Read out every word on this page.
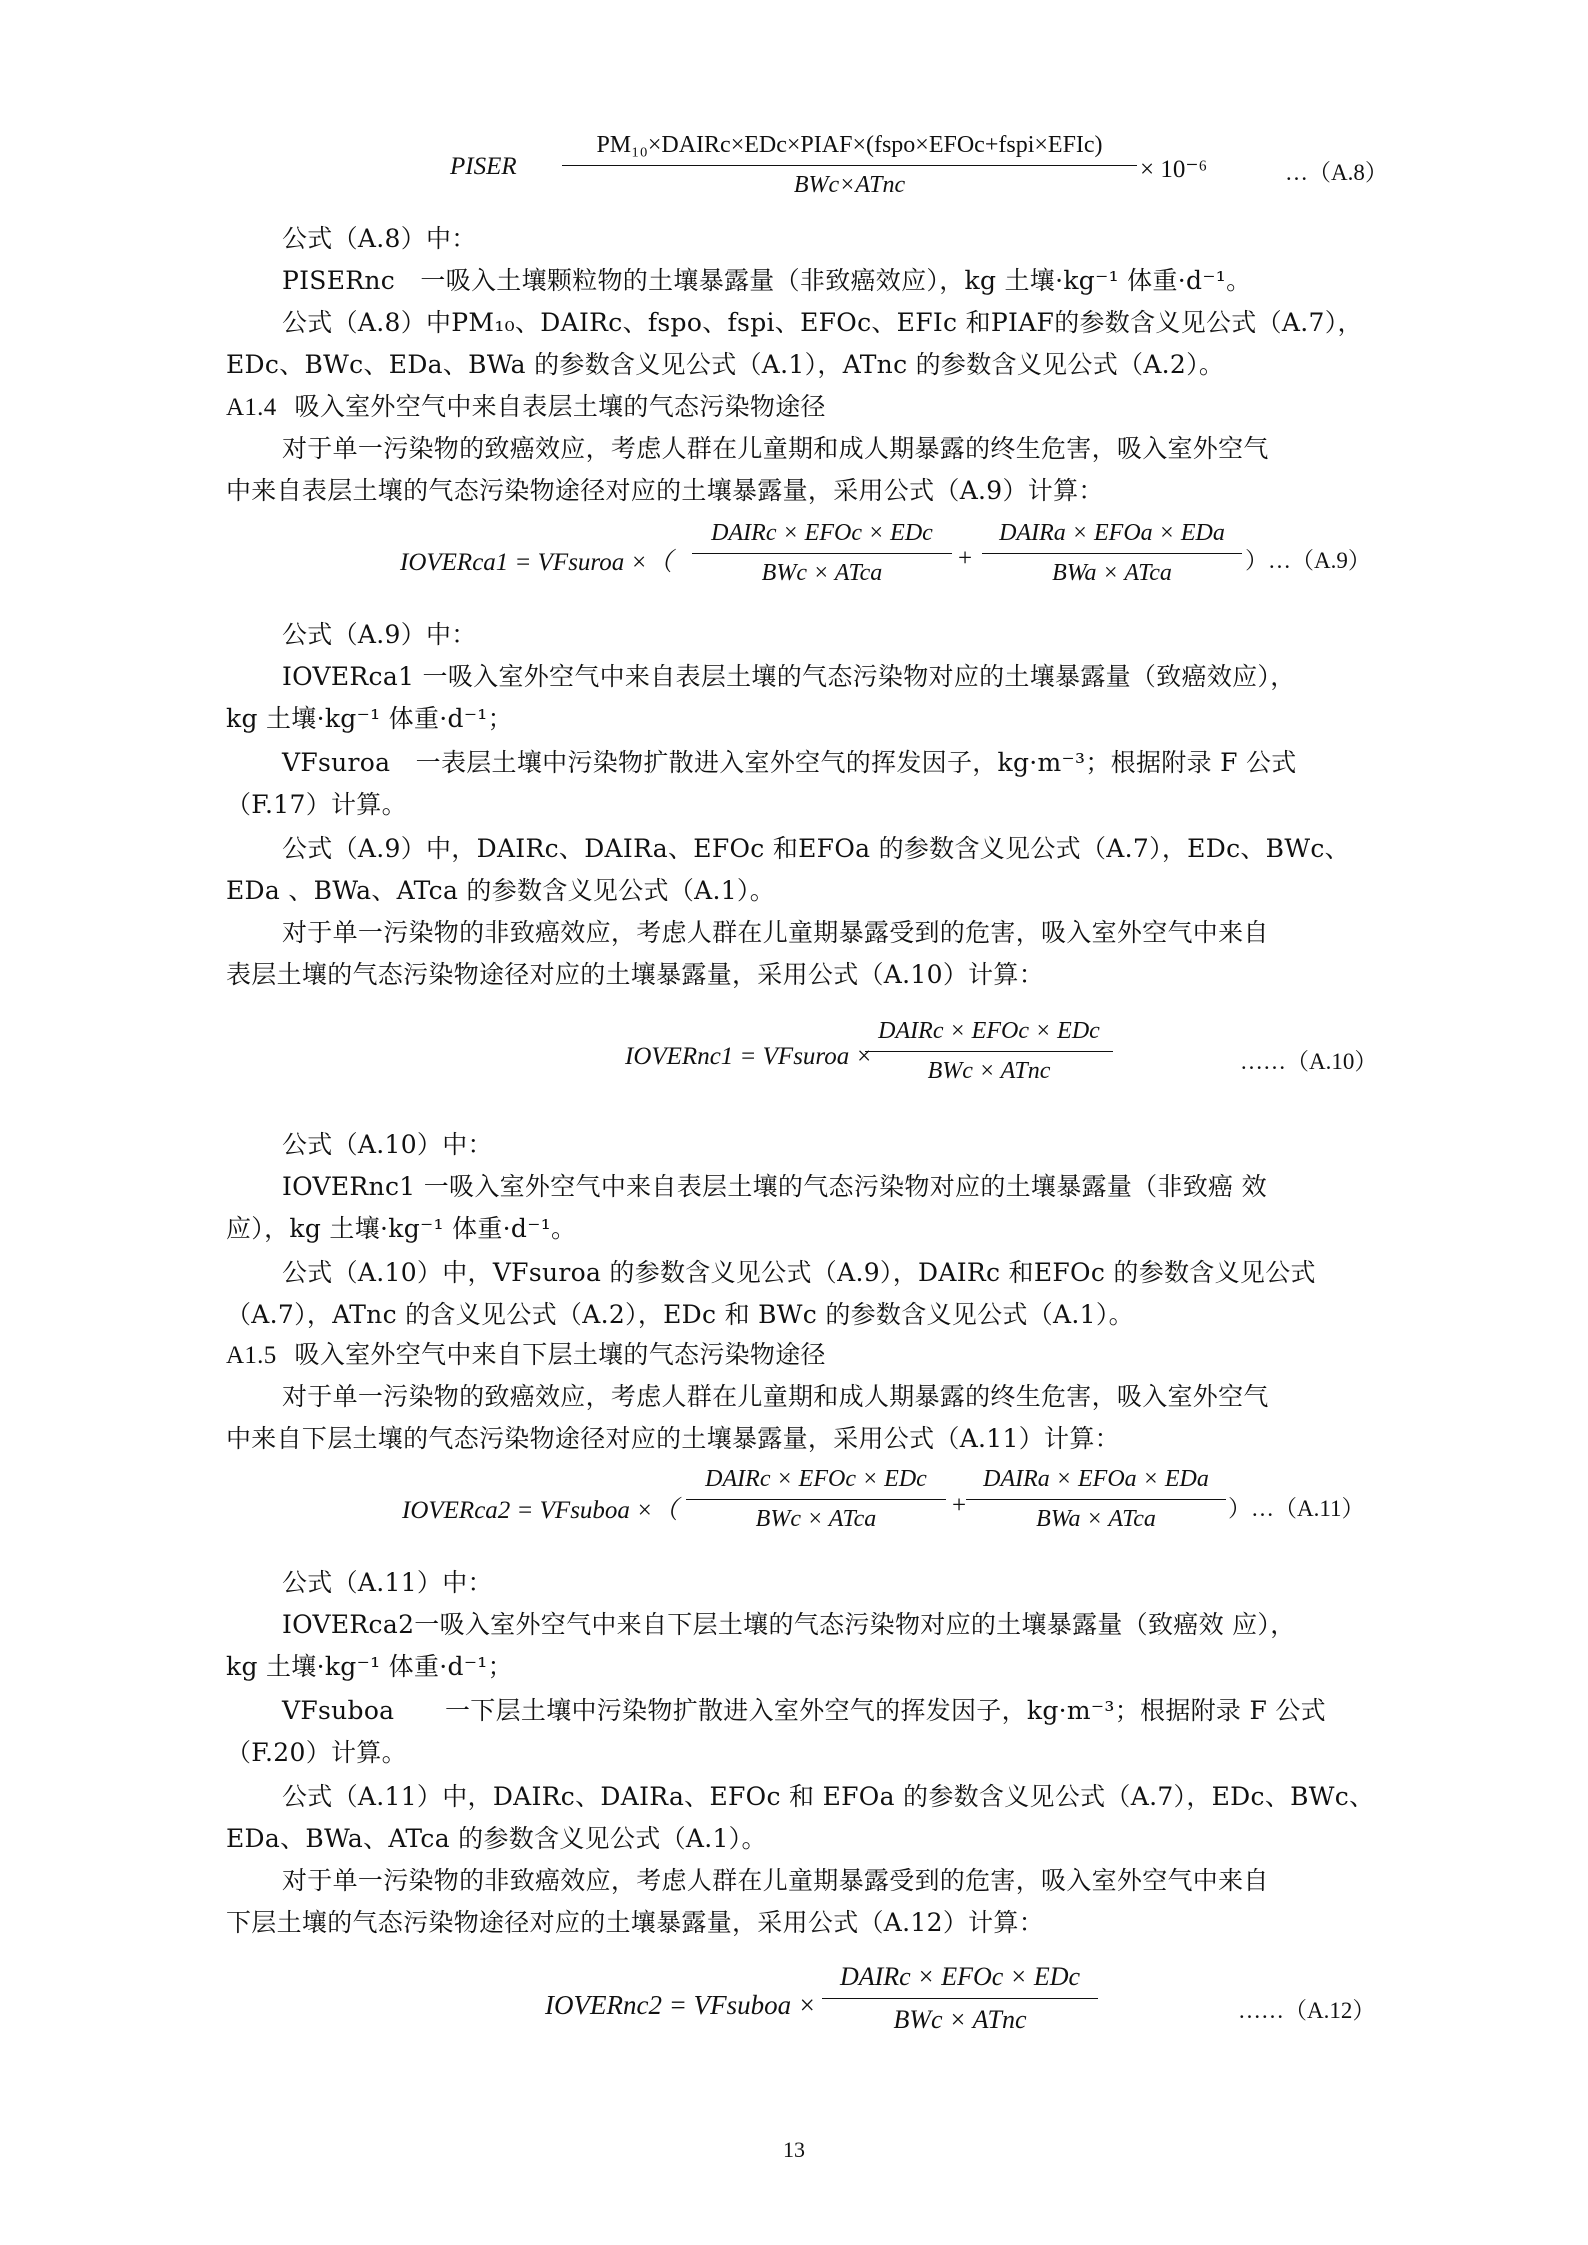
PISER
PM₁₀×DAIRc×EDc×PIAF×(fspo×EFOc+fspi×EFIc)
BWc×ATnc
× 10⁻⁶	…（A.8）
公式（A.8）中：
PISERnc　一吸入土壤颗粒物的土壤暴露量（非致癌效应），kg 土壤·kg⁻¹ 体重·d⁻¹。
公式（A.8）中PM₁₀、DAIRc、fspo、fspi、EFOc、EFIc 和PIAF的参数含义见公式（A.7），
EDc、BWc、EDa、BWa 的参数含义见公式（A.1），ATnc 的参数含义见公式（A.2）。
A1.4 吸入室外空气中来自表层土壤的气态污染物途径
对于单一污染物的致癌效应，考虑人群在儿童期和成人期暴露的终生危害，吸入室外空气
中来自表层土壤的气态污染物途径对应的土壤暴露量，采用公式（A.9）计算：
IOVERca1 = VFsuroa ×（
DAIRc × EFOc × EDc
BWc × ATca
+
DAIRa × EFOa × EDa
BWa × ATca	）…（A.9）
公式（A.9）中：
IOVERca1 一吸入室外空气中来自表层土壤的气态污染物对应的土壤暴露量（致癌效应），
kg 土壤·kg⁻¹ 体重·d⁻¹；
VFsuroa　一表层土壤中污染物扩散进入室外空气的挥发因子，kg·m⁻³；根据附录 F 公式
（F.17）计算。
公式（A.9）中，DAIRc、DAIRa、EFOc 和EFOa 的参数含义见公式（A.7），EDc、BWc、
EDa 、BWa、ATca 的参数含义见公式（A.1）。
对于单一污染物的非致癌效应，考虑人群在儿童期暴露受到的危害，吸入室外空气中来自
表层土壤的气态污染物途径对应的土壤暴露量，采用公式（A.10）计算：
IOVERnc1 = VFsuroa ×
DAIRc × EFOc × EDc
BWc × ATnc	……（A.10）
公式（A.10）中：
IOVERnc1 一吸入室外空气中来自表层土壤的气态污染物对应的土壤暴露量（非致癌 效
应），kg 土壤·kg⁻¹ 体重·d⁻¹。
公式（A.10）中，VFsuroa 的参数含义见公式（A.9），DAIRc 和EFOc 的参数含义见公式
（A.7），ATnc 的含义见公式（A.2），EDc 和 BWc 的参数含义见公式（A.1）。
A1.5 吸入室外空气中来自下层土壤的气态污染物途径
对于单一污染物的致癌效应，考虑人群在儿童期和成人期暴露的终生危害，吸入室外空气
中来自下层土壤的气态污染物途径对应的土壤暴露量，采用公式（A.11）计算：
IOVERca2 = VFsuboa ×（
DAIRc × EFOc × EDc
BWc × ATca	+
DAIRa × EFOa × EDa
BWa × ATca	）…（A.11）
公式（A.11）中：
IOVERca2一吸入室外空气中来自下层土壤的气态污染物对应的土壤暴露量（致癌效 应），
kg 土壤·kg⁻¹ 体重·d⁻¹；
VFsuboa　　一下层土壤中污染物扩散进入室外空气的挥发因子，kg·m⁻³；根据附录 F 公式
（F.20）计算。
公式（A.11）中，DAIRc、DAIRa、EFOc 和 EFOa 的参数含义见公式（A.7），EDc、BWc、
EDa、BWa、ATca 的参数含义见公式（A.1）。
对于单一污染物的非致癌效应，考虑人群在儿童期暴露受到的危害，吸入室外空气中来自
下层土壤的气态污染物途径对应的土壤暴露量，采用公式（A.12）计算：
IOVERnc2 = VFsuboa ×
DAIRc × EFOc × EDc
BWc × ATnc	……（A.12）
13
